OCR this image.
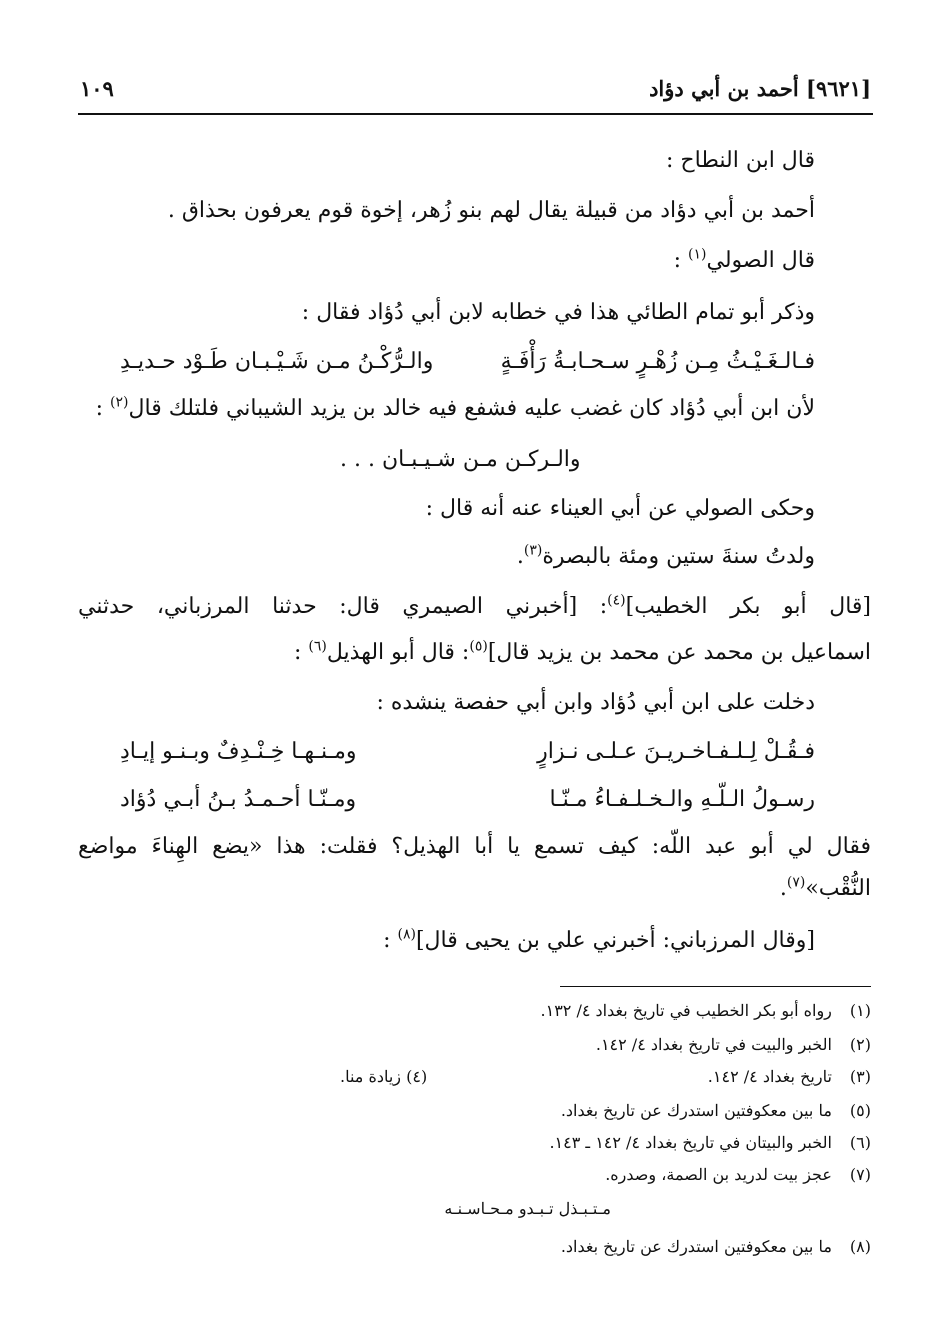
[٩٦٢١] أحمد بن أبي دؤاد
١٠٩
قال ابن النطاح :
أحمد بن أبي دؤاد من قبيلة يقال لهم بنو زُهر، إخوة قوم يعرفون بحذاق .
قال الصولي$^{(١)}$ :
وذكر أبو تمام الطائي هذا في خطابه لابن أبي دُؤاد فقال :
فـالـغَـيْـثُ مِـن زُهْـرٍ سـحـابـةُ رَأْفَـةٍ
والـرُّكْـنُ مـن شَـيْـبـان طَـوْد حـديـدِ
لأن ابن أبي دُؤاد كان غضب عليه فشفع فيه خالد بن يزيد الشيباني فلتلك قال$^{(٢)}$ :
والـركـن مـن شـيـبـان . . .
وحكى الصولي عن أبي العيناء عنه أنه قال :
ولدتُ سنةَ ستين ومئة بالبصرة$^{(٣)}$.
[قال أبو بكر الخطيب]$^{(٤)}$: [أخبرني الصيمري قال: حدثنا المرزباني، حدثني
اسماعيل بن محمد عن محمد بن يزيد قال]$^{(٥)}$: قال أبو الهذيل$^{(٦)}$ :
دخلت على ابن أبي دُؤاد وابن أبي حفصة ينشده :
فـقُـلْ لِـلـفـاخـريـنَ عـلـى نـزارٍ
ومـنـهـا خِـنْـدِفٌ وبـنـو إيـادِ
رسـولُ الـلّـهِ والـخـلـفـاءُ مـنّـا
ومـنّـا أحـمـدُ بـنُ أبـي دُؤاد
فقال لي أبو عبد اللّه: كيف تسمع يا أبا الهذيل؟ فقلت: هذا «يضع الهِناءَ مواضع
النُّقْب»$^{(٧)}$.
[وقال المرزباني: أخبرني علي بن يحيى قال]$^{(٨)}$ :
(١) رواه أبو بكر الخطيب في تاريخ بغداد ٤/ ١٣٢.
(٢) الخبر والبيت في تاريخ بغداد ٤/ ١٤٢.
(٣) تاريخ بغداد ٤/ ١٤٢.
(٤) زيادة منا.
(٥) ما بين معكوفتين استدرك عن تاريخ بغداد.
(٦) الخبر والبيتان في تاريخ بغداد ٤/ ١٤٢ ـ ١٤٣.
(٧) عجز بيت لدريد بن الصمة، وصدره.
مـتـبـذل تـبـدو مـحـاسـنـه
(٨) ما بين معكوفتين استدرك عن تاريخ بغداد.
